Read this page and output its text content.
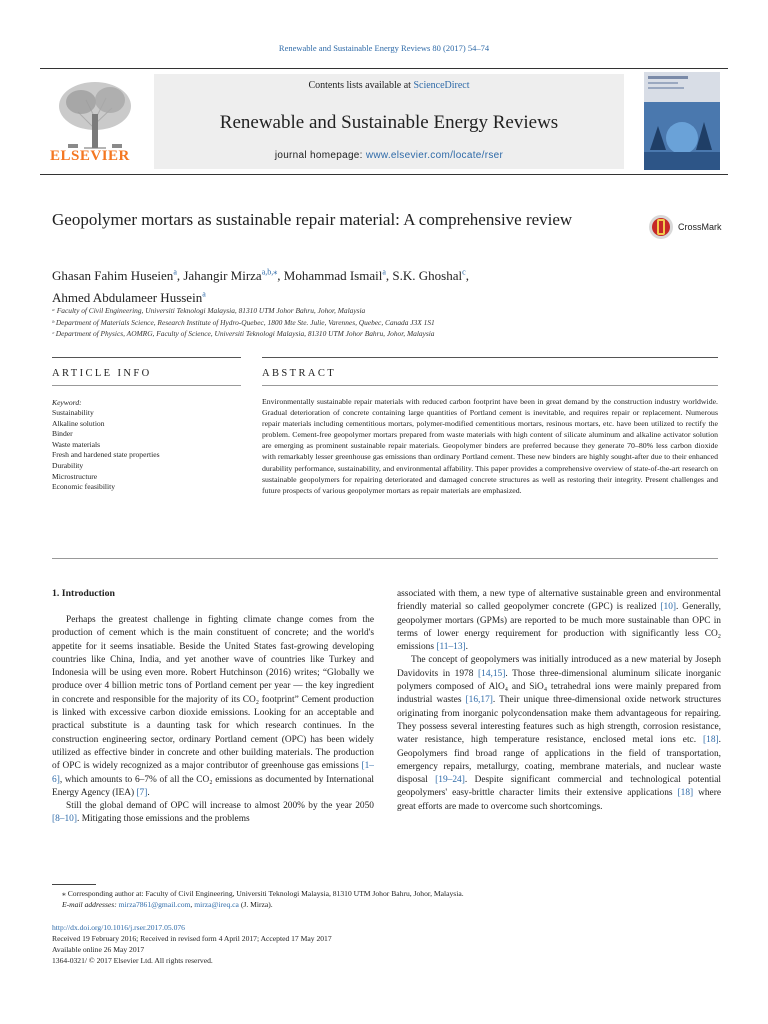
Renewable and Sustainable Energy Reviews 80 (2017) 54–74
ELSEVIER
Contents lists available at ScienceDirect
Renewable and Sustainable Energy Reviews
journal homepage: www.elsevier.com/locate/rser
Geopolymer mortars as sustainable repair material: A comprehensive review	CrossMark
Ghasan Fahim Huseien$^a$, Jahangir Mirza$^{a,b,⁎}$, Mohammad Ismail$^a$, S.K. Ghoshal$^c$,
Ahmed Abdulameer Hussein$^a$
ᵃ Faculty of Civil Engineering, Universiti Teknologi Malaysia, 81310 UTM Johor Bahru, Johor, Malaysia
ᵇ Department of Materials Science, Research Institute of Hydro-Quebec, 1800 Mte Ste. Julie, Varennes, Quebec, Canada J3X 1S1
ᶜ Department of Physics, AOMRG, Faculty of Science, Universiti Teknologi Malaysia, 81310 UTM Johor Bahru, Johor, Malaysia
ARTICLE INFO	ABSTRACT
Keyword:
Sustainability
Alkaline solution
Binder
Waste materials
Fresh and hardened state properties
Durability
Microstructure
Economic feasibility
Environmentally sustainable repair materials with reduced carbon footprint have been in great demand by the construction industry worldwide. Gradual deterioration of concrete containing large quantities of Portland cement is inevitable, and requires repair or replacement. Numerous repair materials including cementitious mortars, polymer-modified cementitious mortars, resinous mortars, etc. have been utilized to rectify the problem. Cement-free geopolymer mortars prepared from waste materials with high content of silicate aluminum and alkaline activator solution are emerging as prominent sustainable repair materials. Geopolymer binders are preferred because they generate 70–80% less carbon dioxide with remarkably lesser greenhouse gas emissions than ordinary Portland cement. These new binders are highly sought-after due to their enhanced durability performance, sustainability, and environmental affability. This paper provides a comprehensive overview of state-of-the-art research on sustainable geopolymers for repairing deteriorated and damaged concrete structures as well as restoring their integrity. Present challenges and future prospects of various geopolymer mortars as repair materials are emphasized.
1. Introduction

Perhaps the greatest challenge in fighting climate change comes from the production of cement which is the main constituent of concrete; and the world's appetite for it seems insatiable. Beside the United States fast-growing developing countries like China, India, and yet another wave of countries like Turkey and Indonesia will be using even more. Robert Hutchinson (2016) writes; “Globally we produce over 4 billion metric tons of Portland cement per year — the key ingredient in concrete and responsible for the majority of its CO₂ footprint” Cement production is linked with excessive carbon dioxide emissions. Looking for an acceptable and practical substitute is a daunting task for which research continues. In the construction engineering sector, ordinary Portland cement (OPC) has been widely utilized as effective binder in concrete and other building materials. The production of OPC is widely recognized as a major contributor of greenhouse gas emissions [1–6], which amounts to 6–7% of all the CO₂ emissions as documented by International Energy Agency (IEA) [7].

Still the global demand of OPC will increase to almost 200% by the year 2050 [8–10]. Mitigating those emissions and the problems

associated with them, a new type of alternative sustainable green and environmental friendly material so called geopolymer concrete (GPC) is realized [10]. Generally, geopolymer mortars (GPMs) are reported to be much more sustainable than OPC in terms of lower energy requirement for production with significantly less CO₂ emissions [11–13].

The concept of geopolymers was initially introduced as a new material by Joseph Davidovits in 1978 [14,15]. Those three-dimensional aluminum silicate inorganic polymers composed of AlO₄ and SiO₄ tetrahedral ions were mainly prepared from industrial wastes [16,17]. Their unique three-dimensional oxide network structures originating from inorganic polycondensation make them advantageous for repairing. They possess several interesting features such as high strength, corrosion resistance, water resistance, high temperature resistance, enclosed metal ions etc. [18]. Geopolymers find broad range of applications in the field of transportation, emergency repairs, metallurgy, coating, membrane materials, and nuclear waste disposal [19–24]. Despite significant commercial and technological potential geopolymers' easy-brittle character limits their extensive applications [18] where great efforts are made to overcome such shortcomings.

⁎ Corresponding author at: Faculty of Civil Engineering, Universiti Teknologi Malaysia, 81310 UTM Johor Bahru, Johor, Malaysia.
E-mail addresses: mirza7861@gmail.com, mirza@ireq.ca (J. Mirza).
http://dx.doi.org/10.1016/j.rser.2017.05.076
Received 19 February 2016; Received in revised form 4 April 2017; Accepted 17 May 2017
Available online 26 May 2017
1364-0321/ © 2017 Elsevier Ltd. All rights reserved.
